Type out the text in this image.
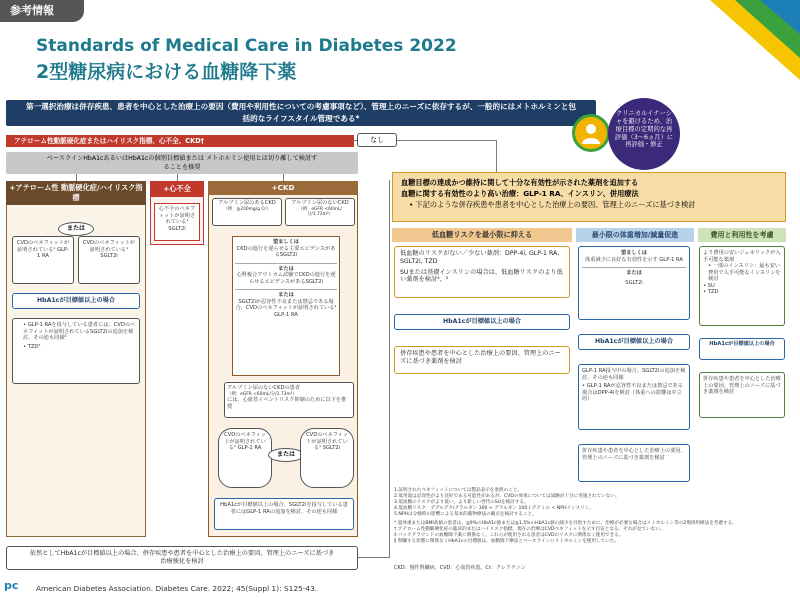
参考情報
Standards of Medical Care in Diabetes 2022
2型糖尿病における血糖降下薬
第一選択治療は併存疾患、患者を中心とした治療上の要因（費用や利用性についての考慮事項など）、管理上のニーズに依存するが、一般的にはメトホルミンと包括的なライフスタイル管理である*
クリニカルイナーシャを避けるため、治療目標の定期的な再評価（3～6ヵ月）に再評価・修正
アテローム性動脈硬化症またはハイリスク指標、心不全、CKD†	なし
ベースラインHbA1cあるいはHbA1cの個別目標値または メトホルミン使用とは切り離して検討することを推奨
+アテローム性 動脈硬化症/ハイリスク指標
または
CVDのベネフィットが証明されている¹ GLP-1 RA
CVDのベネフィットが証明されている¹ SGLT2i
HbA1cが目標値以上の場合
• GLP-1 RAを投与している患者には、CVDのベネフィットが証明されているSGLT2iの追加を検討、その逆も同様²
• TZD³
+心不全
心不全のベネフィットが証明されている¹ SGLT2i
+CKD
アルブミン尿のあるCKD
（例：≧200mg/g Cr）
アルブミン尿のないCKD
（例：eGFR <60mL/分/1.73m²）
望ましくは
CKDの進行を遅らせる主要エビデンスがあるSGLT2i
または
心腎複合アウトカム試験でCKDの進行を遅らせるエビデンスがあるSGLT2i
または
SGLT2iが忍容性不良または禁忌である場合、CVDのベネフィットが証明されている¹ GLP-1 RA
アルブミン尿のないCKDの患者
（例：eGFR <60mL/分/1.73m²）
には、心血管イベントリスク抑制のために以下を推奨
CVDのベネフィットが証明されている¹ GLP-1 RA
または
CVDのベネフィットが証明されている¹ SGLT2i
HbA1cが目標値以上の場合、SGLT2iを投与している患者にはGLP-1 RAの追加を検討、その逆も同様
依然としてHbA1cが目標値以上の場合、併存疾患や患者を中心とした治療上の要因、管理上のニーズに基づき治療強化を検討
血糖目標の達成かつ維持に関して十分な有効性が示された薬剤を追加する
血糖に関する有効性のより高い治療：GLP-1 RA、インスリン、併用療法
• 下記のような併存疾患や患者を中心とした治療上の要因、管理上のニーズに基づき検討
低血糖リスクを最小限に抑える
低血糖のリスクがない／少ない薬剤：DPP-4i, GLP-1 RA, SGLT2i, TZD
SUまたは基礎インスリンの場合は、低血糖リスクのより低い薬剤を検討⁴、⁵
HbA1cが目標値以上の場合
併存疾患や患者を中心とした治療上の要因、管理上のニーズに基づき薬剤を検討
最小限の体重増加/減量促進
望ましくは
体重減少に良好な有効性を示す GLP-1 RA
または
SGLT2i
HbA1cが目標値以上の場合
GLP-1 RA投与中の場合、SGLT2iの追加を検討、その逆も同様
• GLP-1 RAが忍容性不良または禁忌である場合はDPP-4iを検討（体重への影響は中立的）
併存疾患や患者を中心とした治療上の要因、管理上のニーズに基づき薬剤を検討
費用と利用性を考慮
より費用の安いジェネリックが入手可能な薬剤
• 一部のインスリン：最も安い費用で入手可能なインスリンを検討
• SU
• TZD
HbA1cが目標値以上の場合
併存疾患や患者を中心とした治療上の要因、管理上のニーズに基づき薬剤を検討
1.証明されたベネフィットについては製品表示を参照のこと。
2.低用量は忍容性がより良好である可能性があるが、CVDの効果については試験が十分に実施されていない。
3.低血糖のリスクがより低い。より新しい世代のSUを検討する。
4.低血糖リスク：デグルデク/グラルギン 300 < グラルギン 100 / デテミル < NPHインスリン。
5.NPHは分娩時の影響による基本的薬物療法の観点を検討すること。
* 過体重またはBMI高値の患者は、≧9%のHbA1c値または≧1.5%のHbA1c値の減少を目指すために、治療が必要な場合はメトホルミン等の2剤併用療法を考慮する。
† アテローム性動脈硬化症の臨床的またはハイリスク指標、現在の治療はCVDベネフィットを示す目安となる、それが見ていない。
‡ バックグラウンドの血糖降下薬に関係なく、これらが使用される患者はCVDのリスクに関係なく使用できる。
§ 腎臓する状態に関係なくHbA1cの目標値は、血糖降下療法とベースラインにメトホルミンを使用していた。
CKD：慢性腎臓病、CVD：心血管疾患、Cr：クレアチニン
pc	American Diabetes Association. Diabetes Care. 2022; 45(Suppl 1): S125-43.
